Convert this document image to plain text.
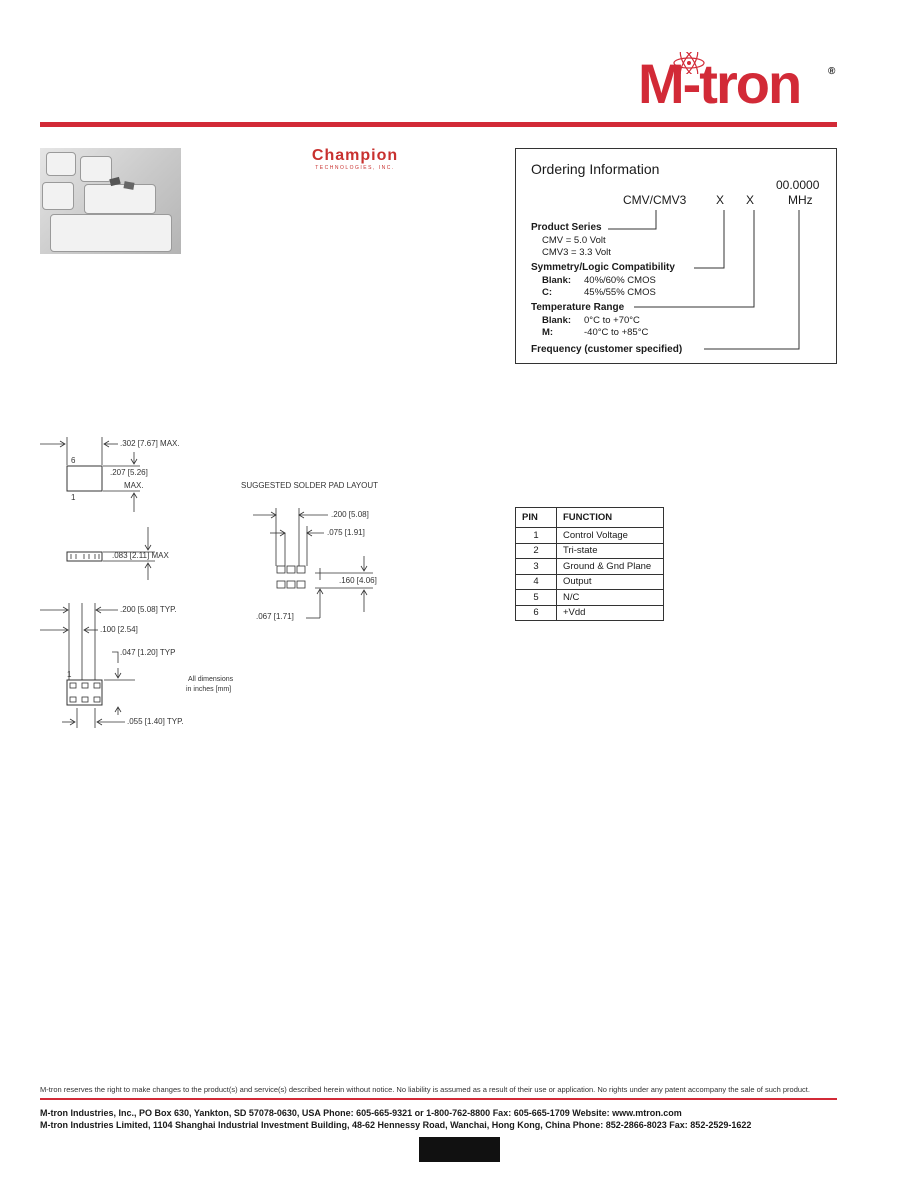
M-tron	®
Champion
TECHNOLOGIES, INC.	Ordering Information
00.0000
CMV/CMV3 X X	MHz
Product Series
CMV = 5.0 Volt
CMV3 = 3.3 Volt
Symmetry/Logic Compatibility
Blank: 40%/60% CMOS
C:	45%/55% CMOS
Temperature Range
Blank: 0°C to +70°C
M:	-40°C to +85°C
Frequency (customer specified)
.302 [7.67] MAX.
6
.207 [5.26]
MAX.
1
.083 [2.11] MAX
.200 [5.08] TYP.
.100 [2.54]
.047 [1.20] TYP
1
All dimensions
in inches [mm]
.055 [1.40] TYP.
SUGGESTED SOLDER PAD LAYOUT
.200 [5.08]
.075 [1.91]
.160 [4.06]
.067 [1.71]
PIN	FUNCTION
1	Control Voltage
2	Tri-state
3	Ground & Gnd Plane
4	Output
5	N/C
6	+Vdd
M-tron reserves the right to make changes to the product(s) and service(s) described herein without notice. No liability is assumed as a result of their use or application. No rights under any patent accompany the sale of such product.
M-tron Industries, Inc., PO Box 630, Yankton, SD 57078-0630, USA Phone: 605-665-9321 or 1-800-762-8800 Fax: 605-665-1709 Website: www.mtron.com
M-tron Industries Limited, 1104 Shanghai Industrial Investment Building, 48-62 Hennessy Road, Wanchai, Hong Kong, China Phone: 852-2866-8023 Fax: 852-2529-1622
